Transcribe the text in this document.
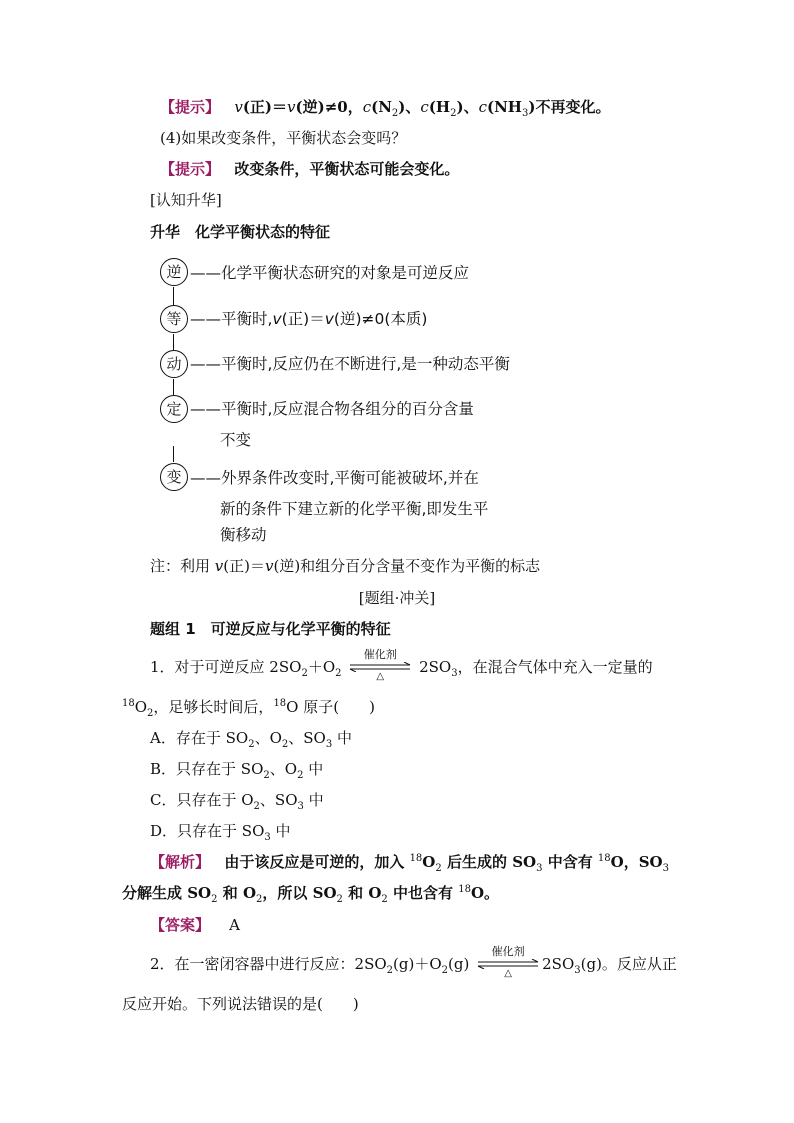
【提示】 v(正)＝v(逆)≠0，$c(N_2)$、$c(H_2)$、$c(NH_3)$不再变化。
(4)如果改变条件，平衡状态会变吗？
【提示】 改变条件，平衡状态可能会变化。
[认知升华]
升华　化学平衡状态的特征
逆 ——化学平衡状态研究的对象是可逆反应
等 ——平衡时,v(正)＝v(逆)≠0(本质)
动 ——平衡时,反应仍在不断进行,是一种动态平衡
定 ——平衡时,反应混合物各组分的百分含量
不变
变 ——外界条件改变时,平衡可能被破坏,并在
新的条件下建立新的化学平衡,即发生平
衡移动
注：利用 v(正)＝v(逆)和组分百分含量不变作为平衡的标志
[题组·冲关]
题组 1　可逆反应与化学平衡的特征
1．对于可逆反应 $2SO_2+O_2$
催化剂
△
$2SO_3$，在混合气体中充入一定量的
$^{18}O_2$，足够长时间后，$^{18}$O 原子(　　)
A．存在于 $SO_2$、$O_2$、$SO_3$ 中
B．只存在于 $SO_2$、$O_2$ 中
C．只存在于 $O_2$、$SO_3$ 中
D．只存在于 $SO_3$ 中
【解析】 由于该反应是可逆的，加入 $^{18}O_2$ 后生成的 $SO_3$ 中含有 $^{18}$O，$SO_3$
分解生成 $SO_2$ 和 $O_2$，所以 $SO_2$ 和 $O_2$ 中也含有 $^{18}$O。
【答案】 A
2．在一密闭容器中进行反应：$2SO_2(g)+O_2(g)$
催化剂
△
$2SO_3(g)$。反应从正
反应开始。下列说法错误的是(　　)
